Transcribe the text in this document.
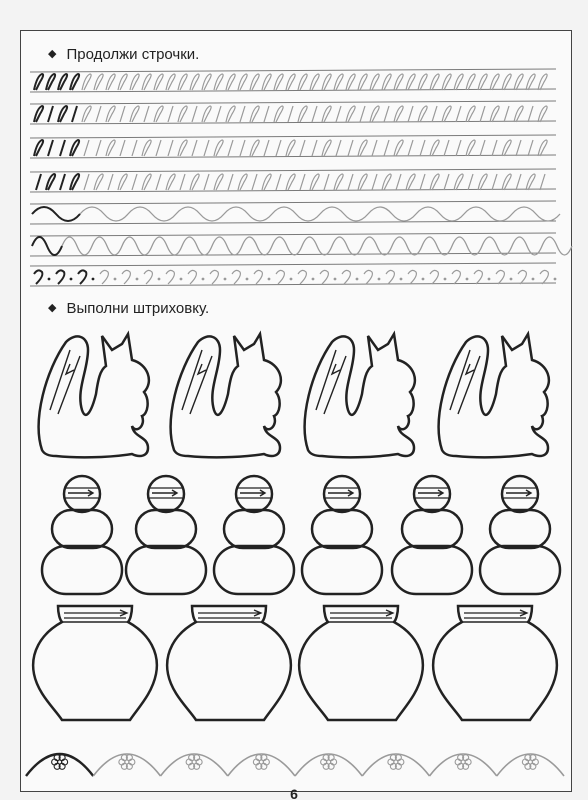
◆ Продолжи строчки.
◆ Выполни штриховку.
6
